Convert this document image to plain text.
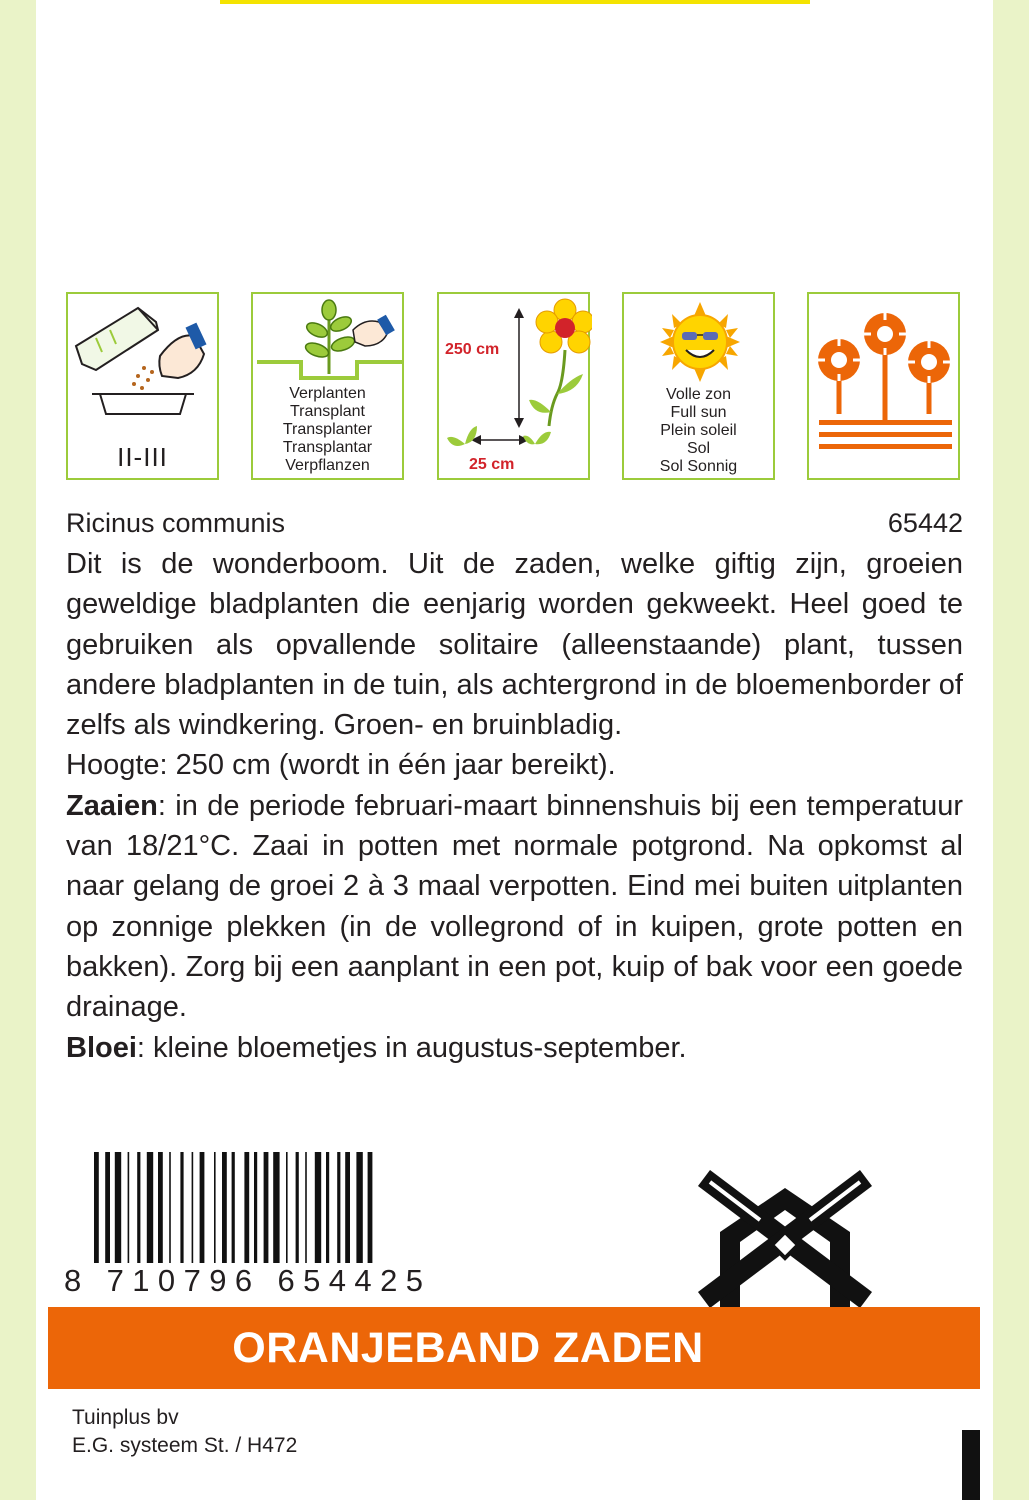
II-III
Verplanten
Transplant
Transplanter
Transplantar
Verpflanzen
250 cm
25 cm
Volle zon
Full sun
Plein soleil
Sol
Sol Sonnig
Ricinus communis	65442

Dit is de wonderboom. Uit de zaden, welke giftig zijn, groeien geweldige bladplanten die eenjarig worden gekweekt. Heel goed te gebruiken als opvallende solitaire (alleenstaande) plant, tussen andere bladplanten in de tuin, als achtergrond in de bloemenborder of zelfs als windkering. Groen- en bruinbladig.

Hoogte: 250 cm (wordt in één jaar bereikt).

Zaaien: in de periode februari-maart binnenshuis bij een temperatuur van 18/21°C. Zaai in potten met normale potgrond. Na opkomst al naar gelang de groei 2 à 3 maal verpotten. Eind mei buiten uitplanten op zonnige plekken (in de vollegrond of in kuipen, grote potten en bakken). Zorg bij een aanplant in een pot, kuip of bak voor een goede drainage.

Bloei: kleine bloemetjes in augustus-september.

8 710796 654425
ORANJEBAND ZADEN
Tuinplus bv
E.G. systeem St. / H472
